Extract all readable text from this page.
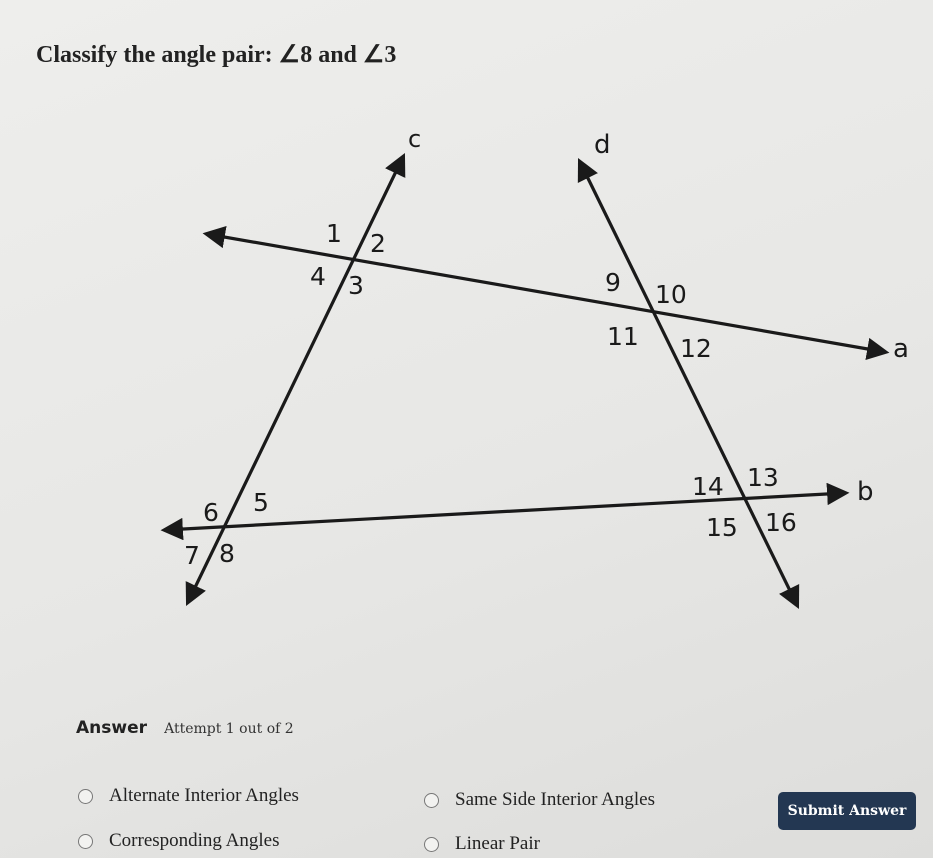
Classify the angle pair: ∠8 and ∠3
c	d
a
b
1 2
4 3	9 10
11 12
6 5
7 8
14 13
15 16
Answer Attempt 1 out of 2
Alternate Interior Angles	Same Side Interior Angles
Corresponding Angles	Linear Pair
Submit Answer
